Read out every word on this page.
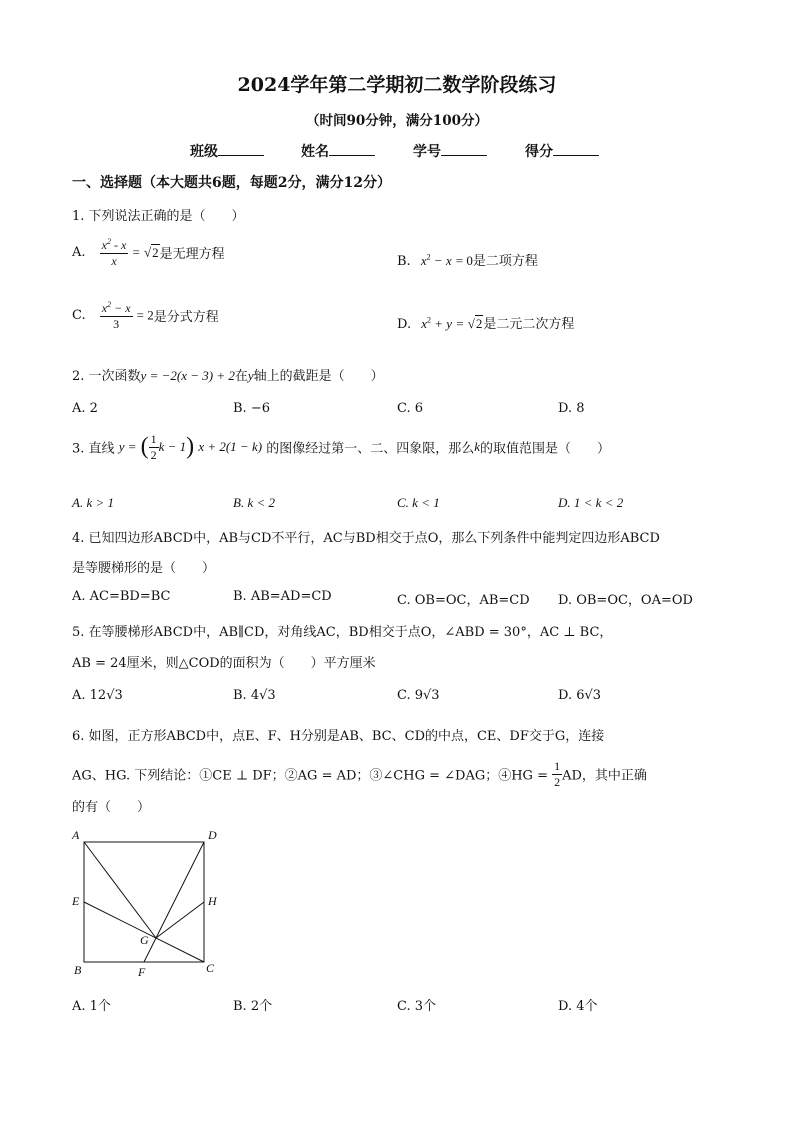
2024学年第二学期初二数学阶段练习
（时间90分钟，满分100分）
班级	姓名	学号	得分
一、选择题（本大题共6题，每题2分，满分12分）
1. 下列说法正确的是（　　）
A. $\frac{x^2 - x}{x} = √2$是无理方程	B. $x^2 - x = 0$是二项方程
C. $\frac{x^2 - x}{3} = 2$是分式方程	D. $x^2 + y = √2$是二元二次方程
2. 一次函数y = −2(x − 3) + 2在y轴上的截距是（　　）
A. 2	B. −6	C. 6	D. 8
3. 直线 y = ( $\frac{1}{2}$ k − 1) x + 2(1 − k) 的图像经过第一、二、四象限，那么k的取值范围是（　　）
A. k > 1	B. k < 2	C. k < 1	D. 1 < k < 2
4. 已知四边形ABCD中，AB与CD不平行，AC与BD相交于点O，那么下列条件中能判定四边形ABCD
是等腰梯形的是（　　）
A. AC=BD=BC	B. AB=AD=CD	C. OB=OC，AB=CD D. OB=OC，OA=OD
5. 在等腰梯形ABCD中，AB∥CD，对角线AC，BD相交于点O，∠ABD = 30°，AC ⊥ BC，
AB = 24厘米，则△COD的面积为（　　）平方厘米
A. 12√3	B. 4√3	C. 9√3	D. 6√3
6. 如图，正方形ABCD中，点E、F、H分别是AB、BC、CD的中点，CE、DF交于G，连接
AG、HG. 下列结论：①CE ⊥ DF；②AG = AD；③∠CHG = ∠DAG；④HG = $\frac{1}{2}$ AD，其中正确
的有（　　）
A	D
E	H
G
B	F	C
A. 1个	B. 2个	C. 3个	D. 4个
